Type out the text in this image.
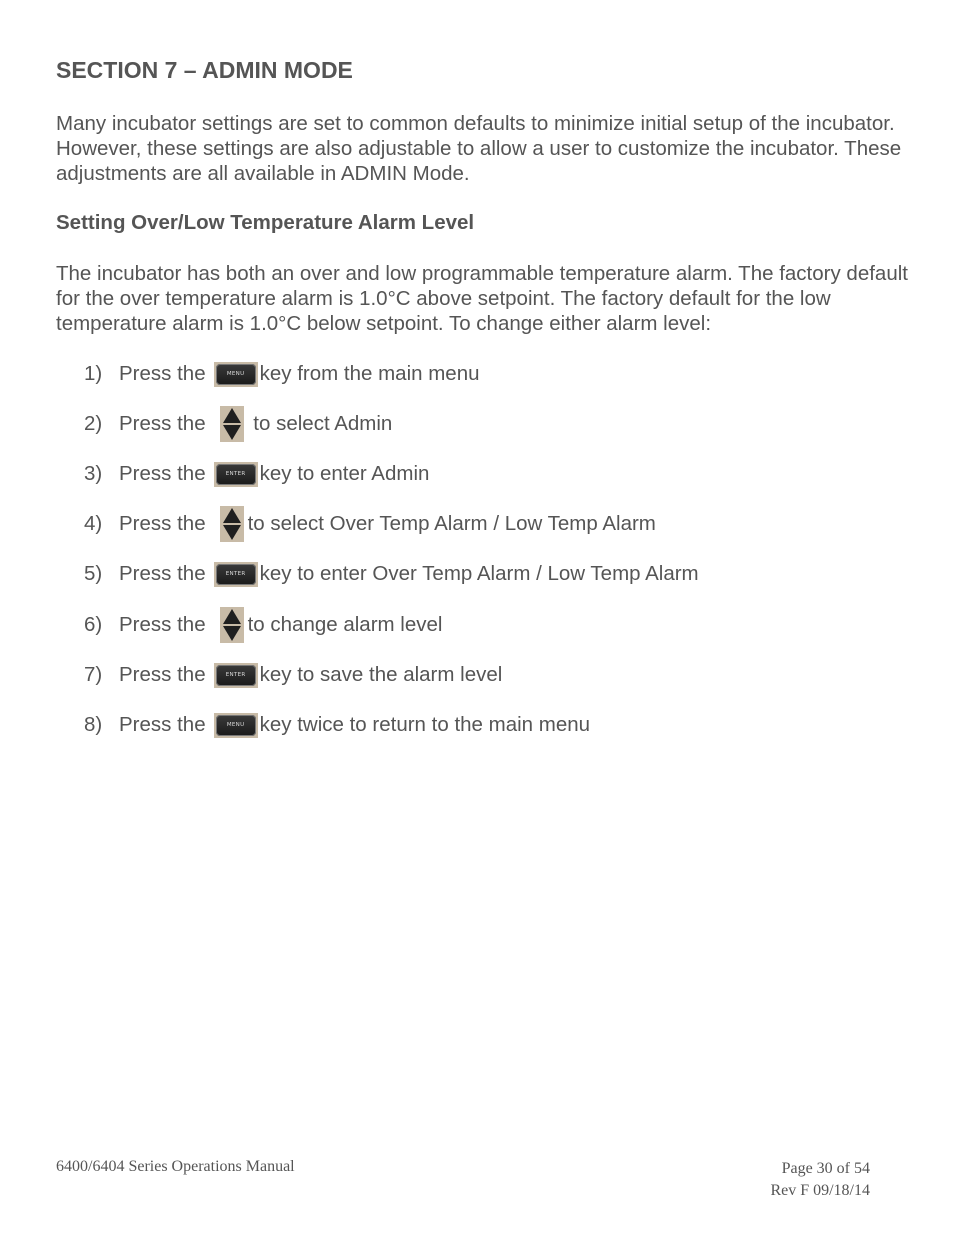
SECTION 7 – ADMIN MODE

Many incubator settings are set to common defaults to minimize initial setup of the incubator. However, these settings are also adjustable to allow a user to customize the incubator. These adjustments are all available in ADMIN Mode.

Setting Over/Low Temperature Alarm Level

The incubator has both an over and low programmable temperature alarm. The factory default for the over temperature alarm is 1.0°C above setpoint. The factory default for the low temperature alarm is 1.0°C below setpoint. To change either alarm level:

1) Press the	MENU key from the main menu
2) Press the to select Admin
3) Press the	ENTER key to enter Admin
4) Press the to select Over Temp Alarm / Low Temp Alarm
5) Press the	ENTER key to enter Over Temp Alarm / Low Temp Alarm
6) Press the to change alarm level
7) Press the	ENTER key to save the alarm level
8) Press the	MENU key twice to return to the main menu

6400/6404 Series Operations Manual	Page 30 of 54
Rev F 09/18/14
